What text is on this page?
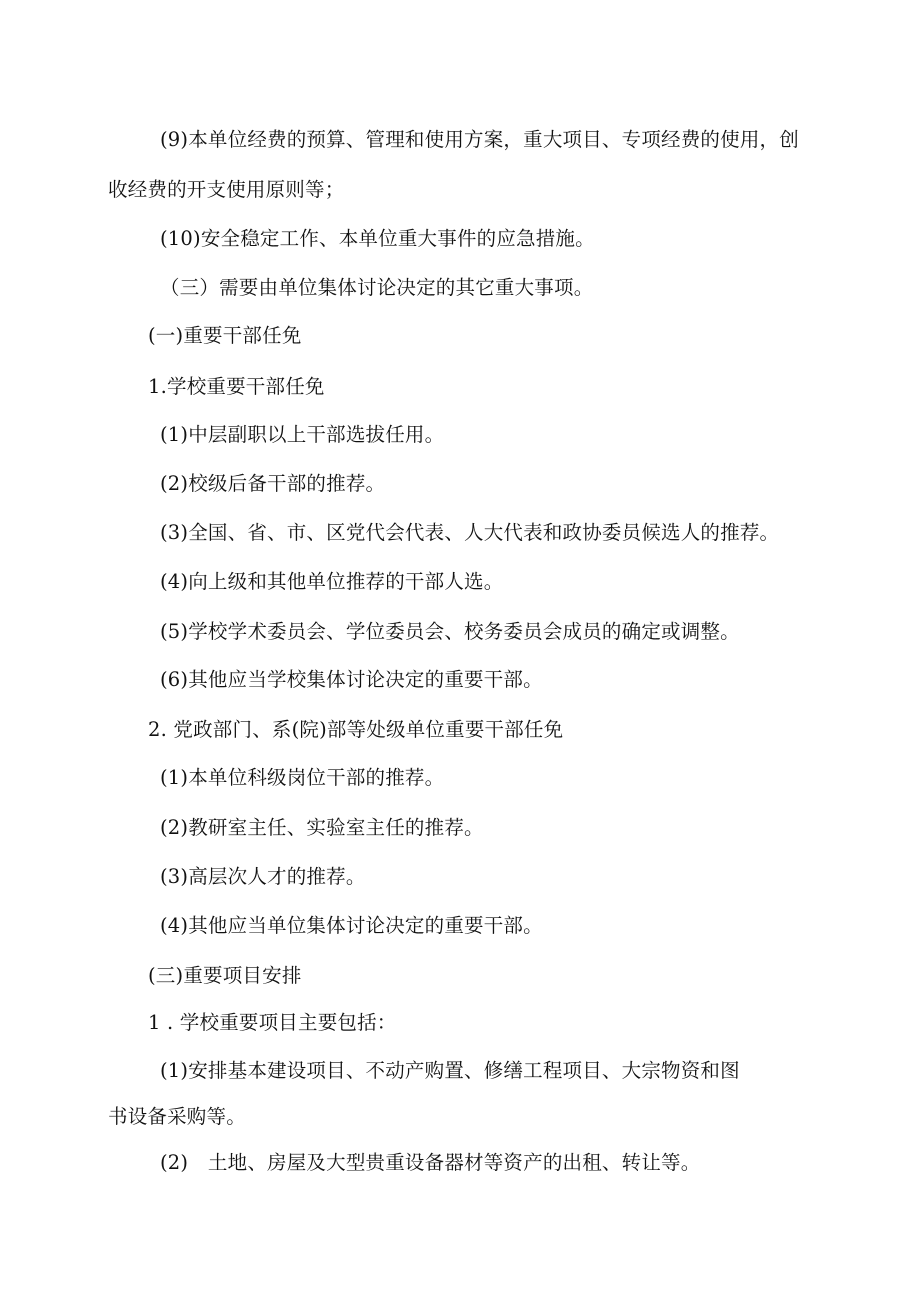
(9)本单位经费的预算、管理和使用方案，重大项目、专项经费的使用，创
收经费的开支使用原则等；
(10)安全稳定工作、本单位重大事件的应急措施。
（三）需要由单位集体讨论决定的其它重大事项。
(一)重要干部任免
1.学校重要干部任免
(1)中层副职以上干部选拔任用。
(2)校级后备干部的推荐。
(3)全国、省、市、区党代会代表、人大代表和政协委员候选人的推荐。
(4)向上级和其他单位推荐的干部人选。
(5)学校学术委员会、学位委员会、校务委员会成员的确定或调整。
(6)其他应当学校集体讨论决定的重要干部。
2. 党政部门、系(院)部等处级单位重要干部任免
(1)本单位科级岗位干部的推荐。
(2)教研室主任、实验室主任的推荐。
(3)高层次人才的推荐。
(4)其他应当单位集体讨论决定的重要干部。
(三)重要项目安排
1 . 学校重要项目主要包括：
(1)安排基本建设项目、不动产购置、修缮工程项目、大宗物资和图
书设备采购等。
(2)　土地、房屋及大型贵重设备器材等资产的出租、转让等。
